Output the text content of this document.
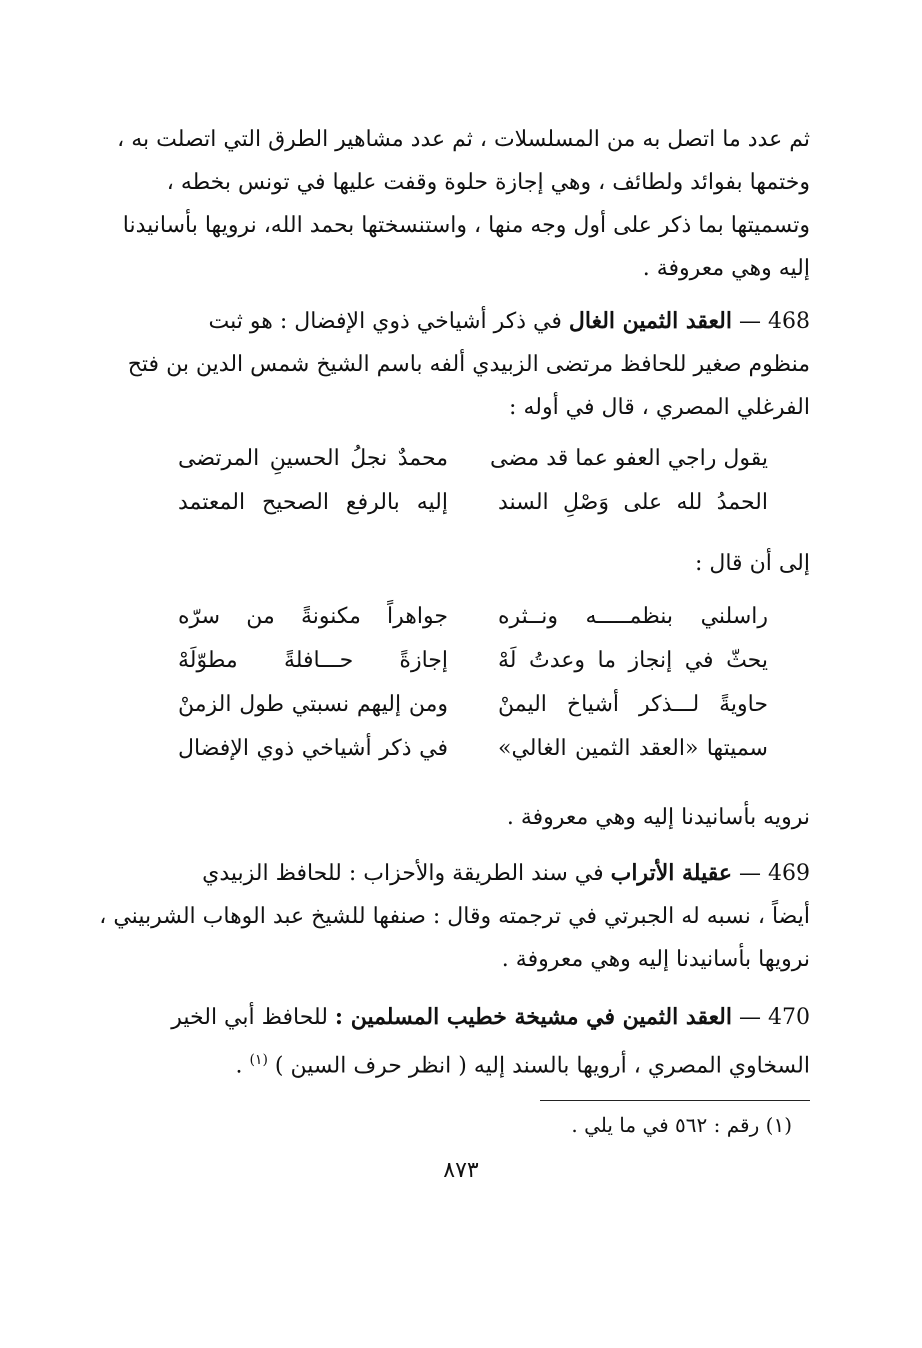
ثم عدد ما اتصل به من المسلسلات ، ثم عدد مشاهير الطرق التي اتصلت به ،
وختمها بفوائد ولطائف ، وهي إجازة حلوة وقفت عليها في تونس بخطه ،
وتسميتها بما ذكر على أول وجه منها ، واستنسختها بحمد الله، نرويها بأسانيدنا
إليه وهي معروفة .
468 — العقد الثمين الغال في ذكر أشياخي ذوي الإفضال : هو ثبت
منظوم صغير للحافظ مرتضى الزبيدي ألفه باسم الشيخ شمس الدين بن فتح
الفرغلي المصري ، قال في أوله :
يقول راجي العفو عما قد مضى
محمدٌ نجلُ الحسينِ المرتضى
الحمدُ لله على وَصْلِ السند
إليه بالرفع الصحيح المعتمد
إلى أن قال :
راسلني بنظمـــــه ونــثره
جواهراً مكنونةً من سرّه
يحثّ في إنجاز ما وعدتُ لَهْ
إجازةً حـــافلةً مطوّلَهْ
حاويةً لـــذكر أشياخ اليمنْ
ومن إليهم نسبتي طول الزمنْ
سميتها «العقد الثمين الغالي»
في ذكر أشياخي ذوي الإفضال
نرويه بأسانيدنا إليه وهي معروفة .
469 — عقيلة الأتراب في سند الطريقة والأحزاب : للحافظ الزبيدي
أيضاً ، نسبه له الجبرتي في ترجمته وقال : صنفها للشيخ عبد الوهاب الشربيني ،
نرويها بأسانيدنا إليه وهي معروفة .
470 — العقد الثمين في مشيخة خطيب المسلمين : للحافظ أبي الخير
السخاوي المصري ، أرويها بالسند إليه ( انظر حرف السين ) $^{(١)}$ .
(١) رقم : ٥٦٢ في ما يلي .
٨٧٣
